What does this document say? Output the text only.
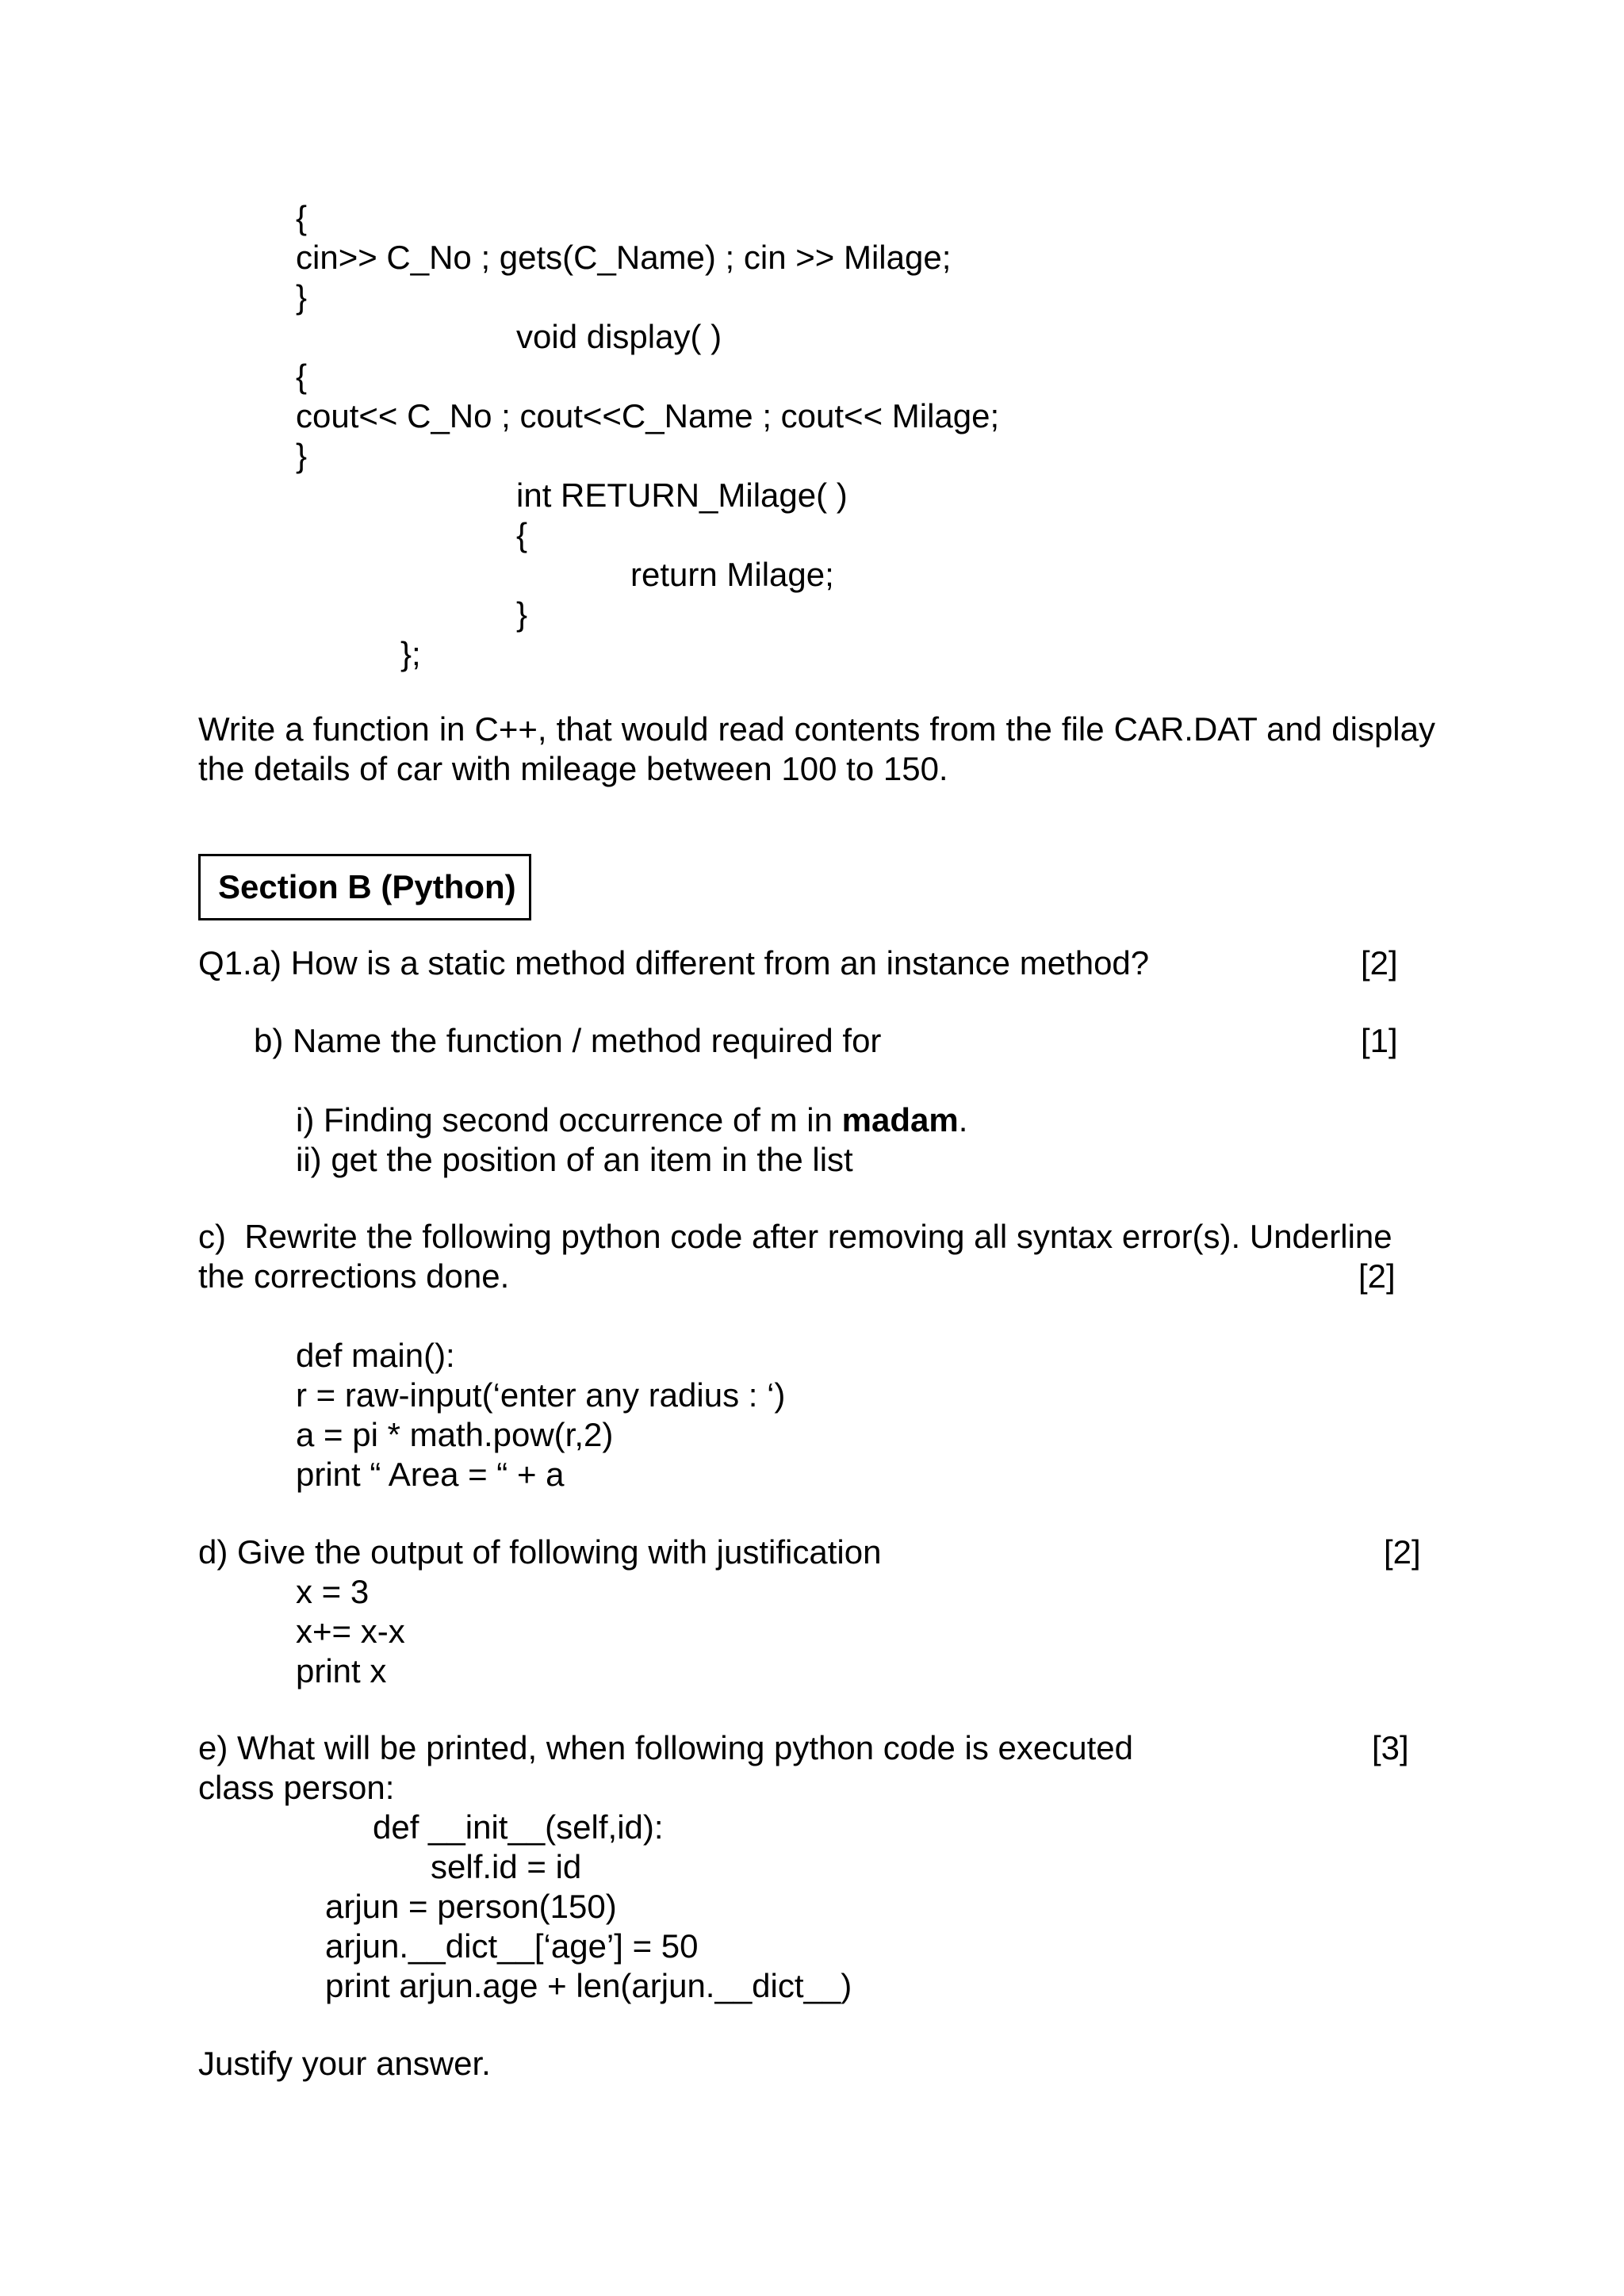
{
cin>> C_No ; gets(C_Name) ; cin >> Milage;
}
void display( )
{
cout<< C_No ; cout<<C_Name ; cout<< Milage;
}
int RETURN_Milage( )
{
return Milage;
}
};
Write a function in C++, that would read contents from the file CAR.DAT and display the details of car with mileage between 100 to 150.
Section B (Python)
Q1.a) How is a static method different from an instance method?	[2]
b) Name the function / method required for	[1]
i) Finding second occurrence of m in madam.
ii) get the position of an item in the list
c)  Rewrite the following python code after removing all syntax error(s). Underline
the corrections done.	[2]
def main():
r = raw-input(‘enter any radius : ‘)
a = pi * math.pow(r,2)
print “ Area = “ + a
d) Give the output of following with justification	[2]
x = 3
x+= x-x
print x
e) What will be printed, when following python code is executed	[3]
class person:
def __init__(self,id):
self.id = id
arjun = person(150)
arjun.__dict__[‘age’] = 50
print arjun.age + len(arjun.__dict__)
Justify your answer.
